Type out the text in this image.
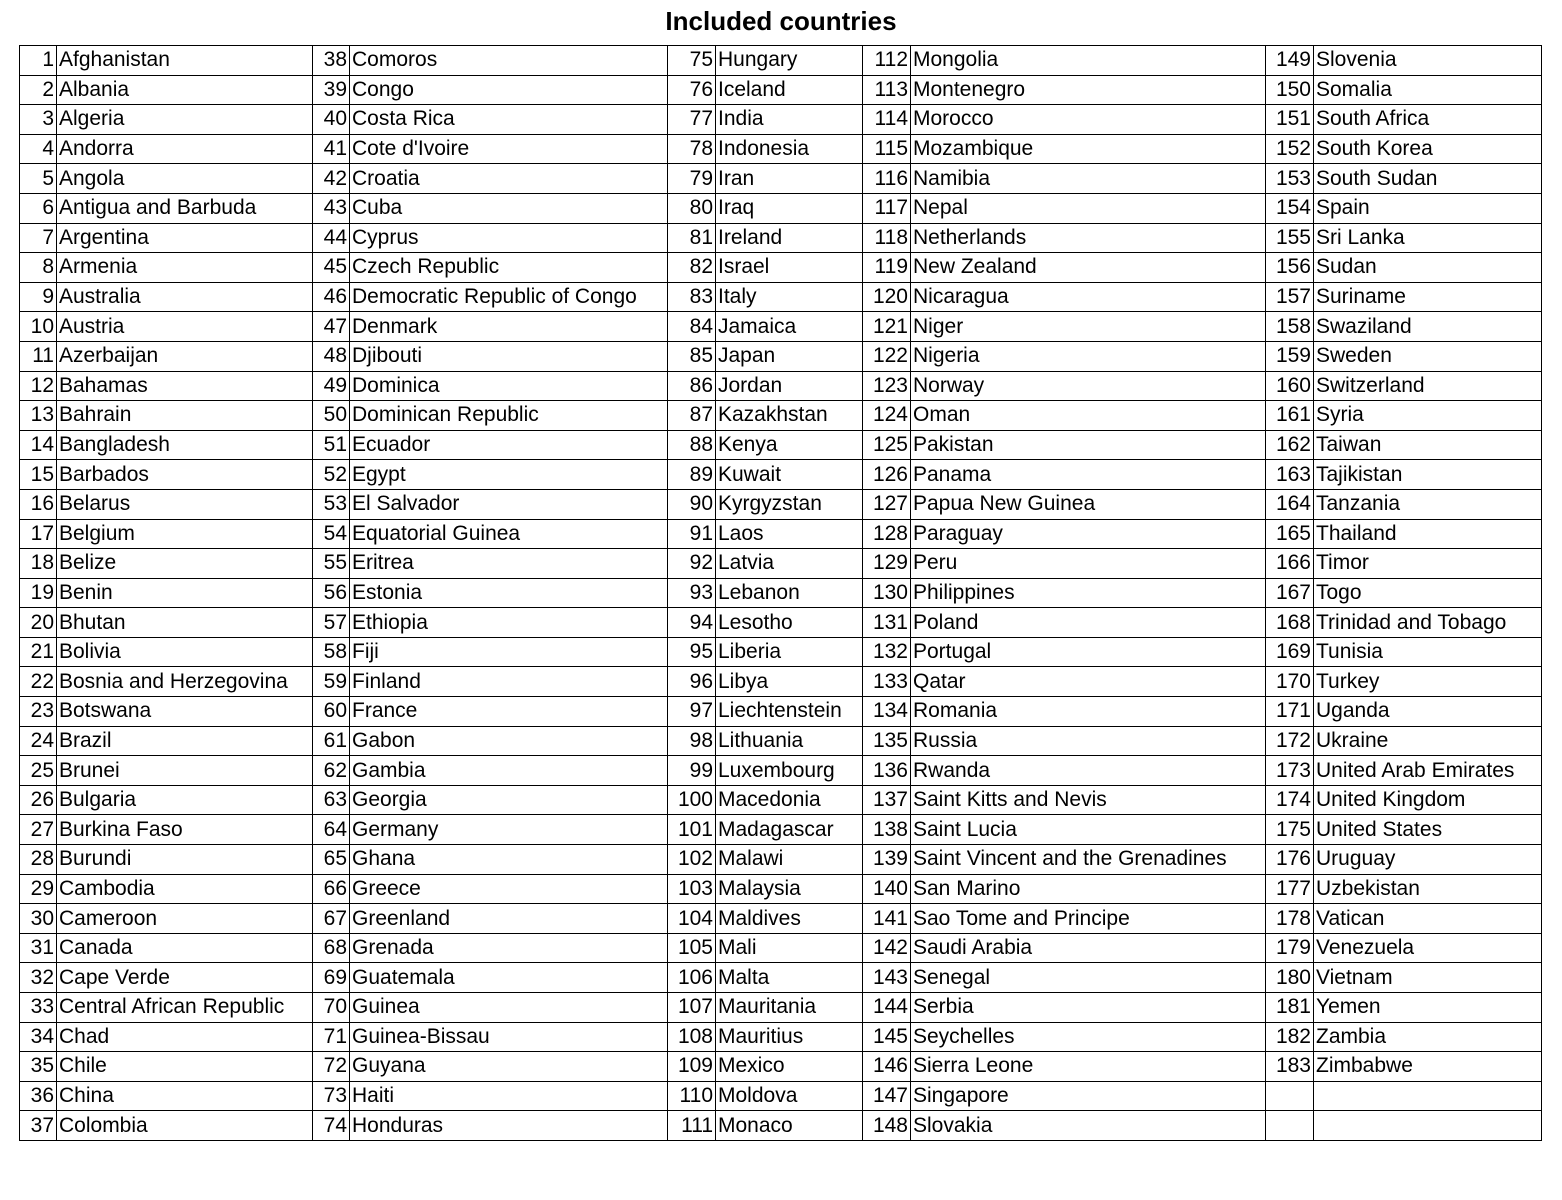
Included countries
1	Afghanistan	38	Comoros	75	Hungary	112	Mongolia	149	Slovenia
2	Albania	39	Congo	76	Iceland	113	Montenegro	150	Somalia
3	Algeria	40	Costa Rica	77	India	114	Morocco	151	South Africa
4	Andorra	41	Cote d'Ivoire	78	Indonesia	115	Mozambique	152	South Korea
5	Angola	42	Croatia	79	Iran	116	Namibia	153	South Sudan
6	Antigua and Barbuda	43	Cuba	80	Iraq	117	Nepal	154	Spain
7	Argentina	44	Cyprus	81	Ireland	118	Netherlands	155	Sri Lanka
8	Armenia	45	Czech Republic	82	Israel	119	New Zealand	156	Sudan
9	Australia	46	Democratic Republic of Congo	83	Italy	120	Nicaragua	157	Suriname
10	Austria	47	Denmark	84	Jamaica	121	Niger	158	Swaziland
11	Azerbaijan	48	Djibouti	85	Japan	122	Nigeria	159	Sweden
12	Bahamas	49	Dominica	86	Jordan	123	Norway	160	Switzerland
13	Bahrain	50	Dominican Republic	87	Kazakhstan	124	Oman	161	Syria
14	Bangladesh	51	Ecuador	88	Kenya	125	Pakistan	162	Taiwan
15	Barbados	52	Egypt	89	Kuwait	126	Panama	163	Tajikistan
16	Belarus	53	El Salvador	90	Kyrgyzstan	127	Papua New Guinea	164	Tanzania
17	Belgium	54	Equatorial Guinea	91	Laos	128	Paraguay	165	Thailand
18	Belize	55	Eritrea	92	Latvia	129	Peru	166	Timor
19	Benin	56	Estonia	93	Lebanon	130	Philippines	167	Togo
20	Bhutan	57	Ethiopia	94	Lesotho	131	Poland	168	Trinidad and Tobago
21	Bolivia	58	Fiji	95	Liberia	132	Portugal	169	Tunisia
22	Bosnia and Herzegovina	59	Finland	96	Libya	133	Qatar	170	Turkey
23	Botswana	60	France	97	Liechtenstein	134	Romania	171	Uganda
24	Brazil	61	Gabon	98	Lithuania	135	Russia	172	Ukraine
25	Brunei	62	Gambia	99	Luxembourg	136	Rwanda	173	United Arab Emirates
26	Bulgaria	63	Georgia	100	Macedonia	137	Saint Kitts and Nevis	174	United Kingdom
27	Burkina Faso	64	Germany	101	Madagascar	138	Saint Lucia	175	United States
28	Burundi	65	Ghana	102	Malawi	139	Saint Vincent and the Grenadines	176	Uruguay
29	Cambodia	66	Greece	103	Malaysia	140	San Marino	177	Uzbekistan
30	Cameroon	67	Greenland	104	Maldives	141	Sao Tome and Principe	178	Vatican
31	Canada	68	Grenada	105	Mali	142	Saudi Arabia	179	Venezuela
32	Cape Verde	69	Guatemala	106	Malta	143	Senegal	180	Vietnam
33	Central African Republic	70	Guinea	107	Mauritania	144	Serbia	181	Yemen
34	Chad	71	Guinea-Bissau	108	Mauritius	145	Seychelles	182	Zambia
35	Chile	72	Guyana	109	Mexico	146	Sierra Leone	183	Zimbabwe
36	China	73	Haiti	110	Moldova	147	Singapore		
37	Colombia	74	Honduras	111	Monaco	148	Slovakia		
